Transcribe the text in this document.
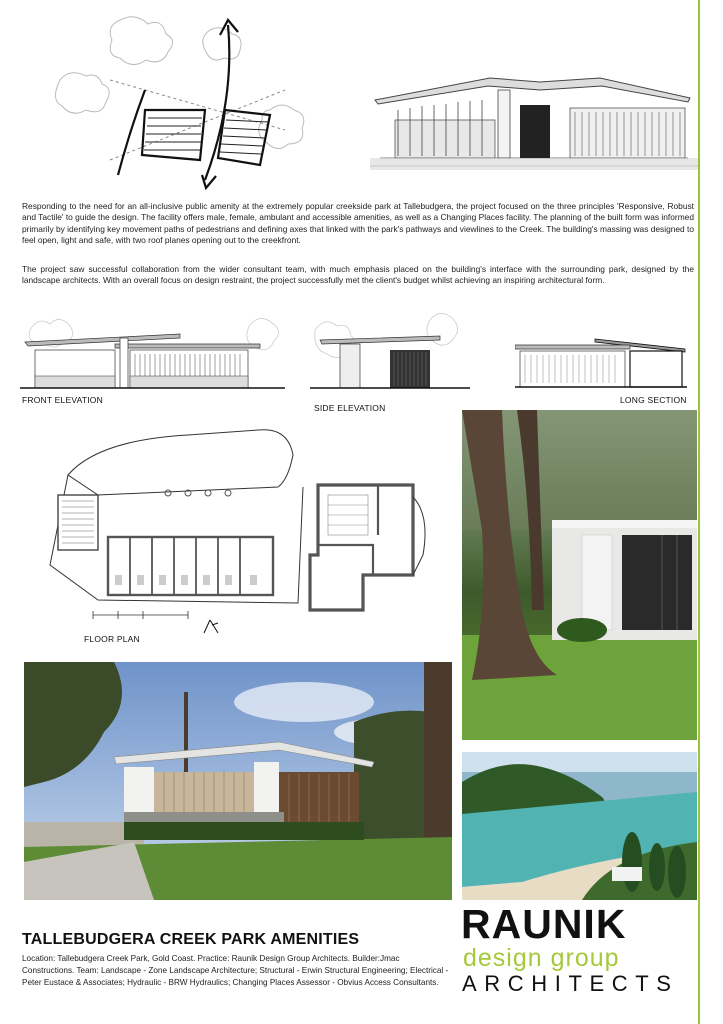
Responding to the need for an all-inclusive public amenity at the extremely popular creekside park at Tallebudgera, the project focused on the three principles 'Responsive, Robust and Tactile' to guide the design. The facility offers male, female, ambulant and accessible amenities, as well as a Changing Places facility. The planning of the built form was informed primarily by identifying key movement paths of pedestrians and defining axes that linked with the park's pathways and viewlines to the Creek. The building's massing was designed to feel open, light and safe, with two roof planes opening out to the creekfront.
The project saw successful collaboration from the wider consultant team, with much emphasis placed on the building's interface with the surrounding park, designed by the landscape architects. With an overall focus on design restraint, the project successfully met the client's budget whilst achieving an inspiring architectural form.
FRONT ELEVATION
SIDE ELEVATION
LONG SECTION
FLOOR PLAN
TALLEBUDGERA CREEK PARK AMENITIES
Location: Tallebudgera Creek Park, Gold Coast. Practice: Raunik Design Group Architects. Builder:Jmac Constructions. Team: Landscape - Zone Landscape Architecture; Structural - Erwin Structural Engineering; Electrical - Peter Eustace & Associates; Hydraulic - BRW Hydraulics; Changing Places Assessor - Obvius Access Consultants.
RAUNIK
design group
ARCHITECTS
